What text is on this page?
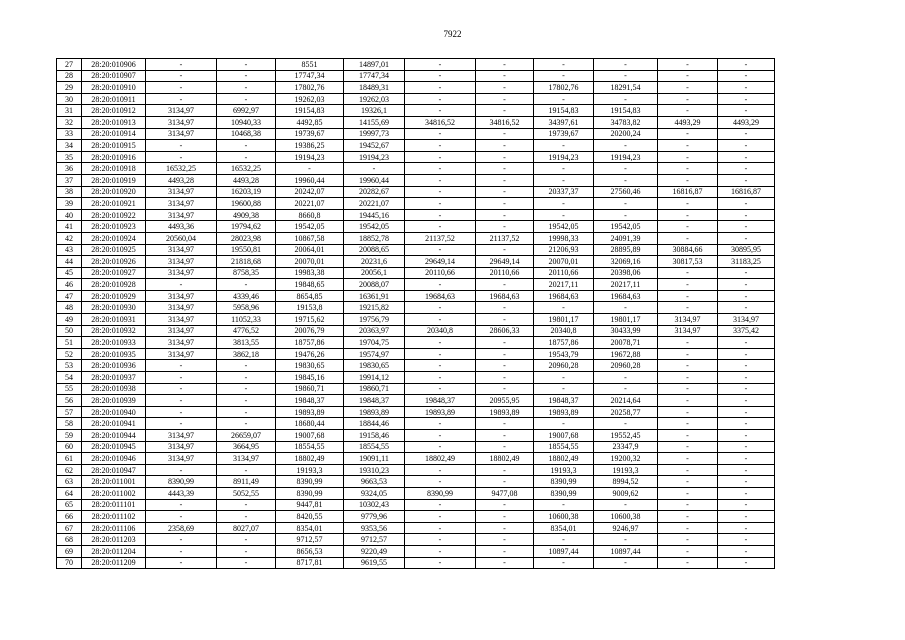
7922
27	28:20:010906	-	-	8551	14897,01	-	-	-	-	-	-
28	28:20:010907	-	-	17747,34	17747,34	-	-	-	-	-	-
29	28:20:010910	-	-	17802,76	18489,31	-	-	17802,76	18291,54	-	-
30	28:20:010911	-	-	19262,03	19262,03	-	-	-	-	-	-
31	28:20:010912	3134,97	6992,97	19154,83	19326,1	-	-	19154,83	19154,83	-	-
32	28:20:010913	3134,97	10940,33	4492,85	14155,69	34816,52	34816,52	34397,61	34783,82	4493,29	4493,29
33	28:20:010914	3134,97	10468,38	19739,67	19997,73	-	-	19739,67	20200,24	-	-
34	28:20:010915	-	-	19386,25	19452,67	-	-	-	-	-	-
35	28:20:010916	-	-	19194,23	19194,23	-	-	19194,23	19194,23	-	-
36	28:20:010918	16532,25	16532,25	-	-	-	-	-	-	-	-
37	28:20:010919	4493,28	4493,28	19960,44	19960,44	-	-	-	-	-	-
38	28:20:010920	3134,97	16203,19	20242,07	20282,67	-	-	20337,37	27560,46	16816,87	16816,87
39	28:20:010921	3134,97	19600,88	20221,07	20221,07	-	-	-	-	-	-
40	28:20:010922	3134,97	4909,38	8660,8	19445,16	-	-	-	-	-	-
41	28:20:010923	4493,36	19794,62	19542,05	19542,05	-	-	19542,05	19542,05	-	-
42	28:20:010924	20560,04	28023,98	10867,58	18852,78	21137,52	21137,52	19998,33	24091,39	-	-
43	28:20:010925	3134,97	19550,81	20064,01	20088,65	-	-	21206,93	28895,89	30884,66	30895,95
44	28:20:010926	3134,97	21818,68	20070,01	20231,6	29649,14	29649,14	20070,01	32069,16	30817,53	31183,25
45	28:20:010927	3134,97	8758,35	19983,38	20056,1	20110,66	20110,66	20110,66	20398,06	-	-
46	28:20:010928	-	-	19848,65	20088,07	-	-	20217,11	20217,11	-	-
47	28:20:010929	3134,97	4339,46	8654,85	16361,91	19684,63	19684,63	19684,63	19684,63	-	-
48	28:20:010930	3134,97	5958,96	19153,8	19215,82	-	-	-	-	-	-
49	28:20:010931	3134,97	11052,33	19715,62	19756,79	-	-	19801,17	19801,17	3134,97	3134,97
50	28:20:010932	3134,97	4776,52	20076,79	20363,97	20340,8	28606,33	20340,8	30433,99	3134,97	3375,42
51	28:20:010933	3134,97	3813,55	18757,86	19704,75	-	-	18757,86	20078,71	-	-
52	28:20:010935	3134,97	3862,18	19476,26	19574,97	-	-	19543,79	19672,88	-	-
53	28:20:010936	-	-	19830,65	19830,65	-	-	20960,28	20960,28	-	-
54	28:20:010937	-	-	19845,16	19914,12	-	-	-	-	-	-
55	28:20:010938	-	-	19860,71	19860,71	-	-	-	-	-	-
56	28:20:010939	-	-	19848,37	19848,37	19848,37	20955,95	19848,37	20214,64	-	-
57	28:20:010940	-	-	19893,89	19893,89	19893,89	19893,89	19893,89	20258,77	-	-
58	28:20:010941	-	-	18680,44	18844,46	-	-	-	-	-	-
59	28:20:010944	3134,97	26659,07	19007,68	19158,46	-	-	19007,68	19552,45	-	-
60	28:20:010945	3134,97	3664,95	18554,55	18554,55	-	-	18554,55	23347,9	-	-
61	28:20:010946	3134,97	3134,97	18802,49	19091,11	18802,49	18802,49	18802,49	19200,32	-	-
62	28:20:010947	-	-	19193,3	19310,23	-	-	19193,3	19193,3	-	-
63	28:20:011001	8390,99	8911,49	8390,99	9663,53	-	-	8390,99	8994,52	-	-
64	28:20:011002	4443,39	5052,55	8390,99	9324,05	8390,99	9477,08	8390,99	9009,62	-	-
65	28:20:011101	-	-	9447,81	10302,43	-	-	-	-	-	-
66	28:20:011102	-	-	8420,55	9779,96	-	-	10600,38	10600,38	-	-
67	28:20:011106	2358,69	8027,07	8354,01	9353,56	-	-	8354,01	9246,97	-	-
68	28:20:011203	-	-	9712,57	9712,57	-	-	-	-	-	-
69	28:20:011204	-	-	8656,53	9220,49	-	-	10897,44	10897,44	-	-
70	28:20:011209	-	-	8717,81	9619,55	-	-	-	-	-	-
